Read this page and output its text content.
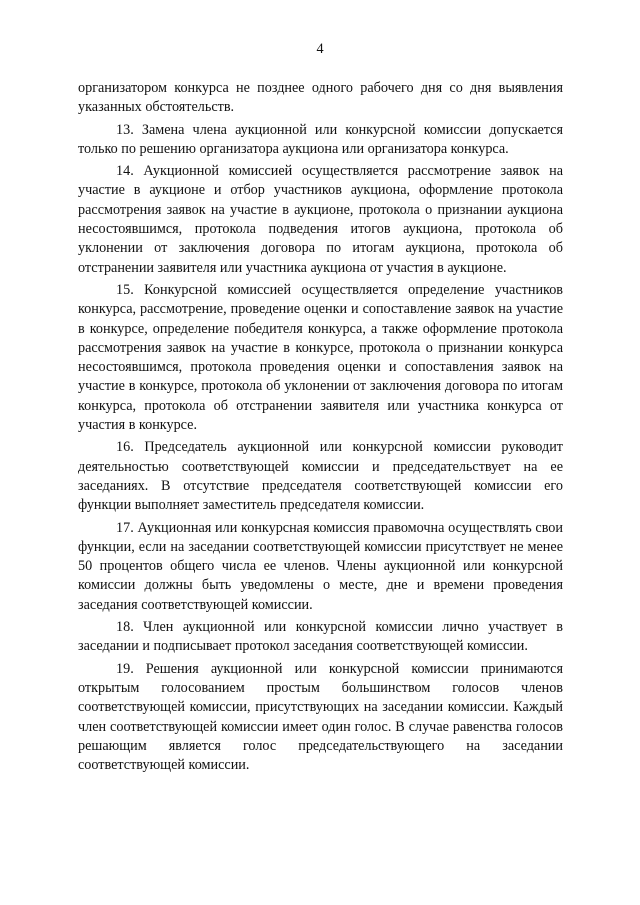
4

организатором конкурса не позднее одного рабочего дня со дня выявления указанных обстоятельств.

13. Замена члена аукционной или конкурсной комиссии допускается только по решению организатора аукциона или организатора конкурса.

14. Аукционной комиссией осуществляется рассмотрение заявок на участие в аукционе и отбор участников аукциона, оформление протокола рассмотрения заявок на участие в аукционе, протокола о признании аукциона несостоявшимся, протокола подведения итогов аукциона, протокола об уклонении от заключения договора по итогам аукциона, протокола об отстранении заявителя или участника аукциона от участия в аукционе.

15. Конкурсной комиссией осуществляется определение участников конкурса, рассмотрение, проведение оценки и сопоставление заявок на участие в конкурсе, определение победителя конкурса, а также оформление протокола рассмотрения заявок на участие в конкурсе, протокола о признании конкурса несостоявшимся, протокола проведения оценки и сопоставления заявок на участие в конкурсе, протокола об уклонении от заключения договора по итогам конкурса, протокола об отстранении заявителя или участника конкурса от участия в конкурсе.

16. Председатель аукционной или конкурсной комиссии руководит деятельностью соответствующей комиссии и председательствует на ее заседаниях. В отсутствие председателя соответствующей комиссии его функции выполняет заместитель председателя комиссии.

17. Аукционная или конкурсная комиссия правомочна осуществлять свои функции, если на заседании соответствующей комиссии присутствует не менее 50 процентов общего числа ее членов. Члены аукционной или конкурсной комиссии должны быть уведомлены о месте, дне и времени проведения заседания соответствующей комиссии.

18. Член аукционной или конкурсной комиссии лично участвует в заседании и подписывает протокол заседания соответствующей комиссии.

19. Решения аукционной или конкурсной комиссии принимаются открытым голосованием простым большинством голосов членов соответствующей комиссии, присутствующих на заседании комиссии. Каждый член соответствующей комиссии имеет один голос. В случае равенства голосов решающим является голос председательствующего на заседании соответствующей комиссии.
